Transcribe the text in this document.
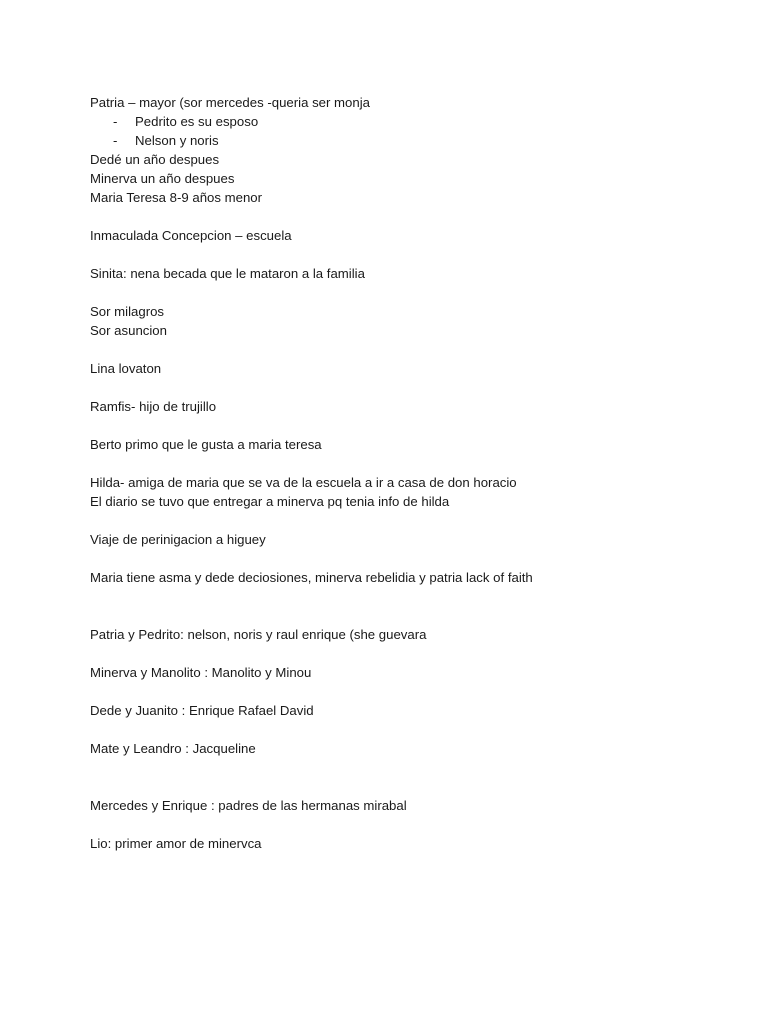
Patria – mayor (sor mercedes -queria ser monja
- Pedrito es su esposo
- Nelson y noris
Dedé un año despues
Minerva un año despues
Maria Teresa 8-9 años menor
Inmaculada Concepcion – escuela
Sinita: nena becada que le mataron a la familia
Sor milagros
Sor asuncion
Lina lovaton
Ramfis- hijo de trujillo
Berto primo que le gusta a maria teresa
Hilda- amiga de maria que se va de la escuela a ir a casa de don horacio
El diario se tuvo que entregar a minerva pq tenia info de hilda
Viaje de perinigacion a higuey
Maria tiene asma y dede deciosiones, minerva rebelidia y patria lack of faith
Patria y Pedrito: nelson, noris y raul enrique (she guevara
Minerva y Manolito : Manolito y Minou
Dede y Juanito : Enrique Rafael David
Mate y Leandro : Jacqueline
Mercedes y Enrique : padres de las hermanas mirabal
Lio: primer amor de minervca
